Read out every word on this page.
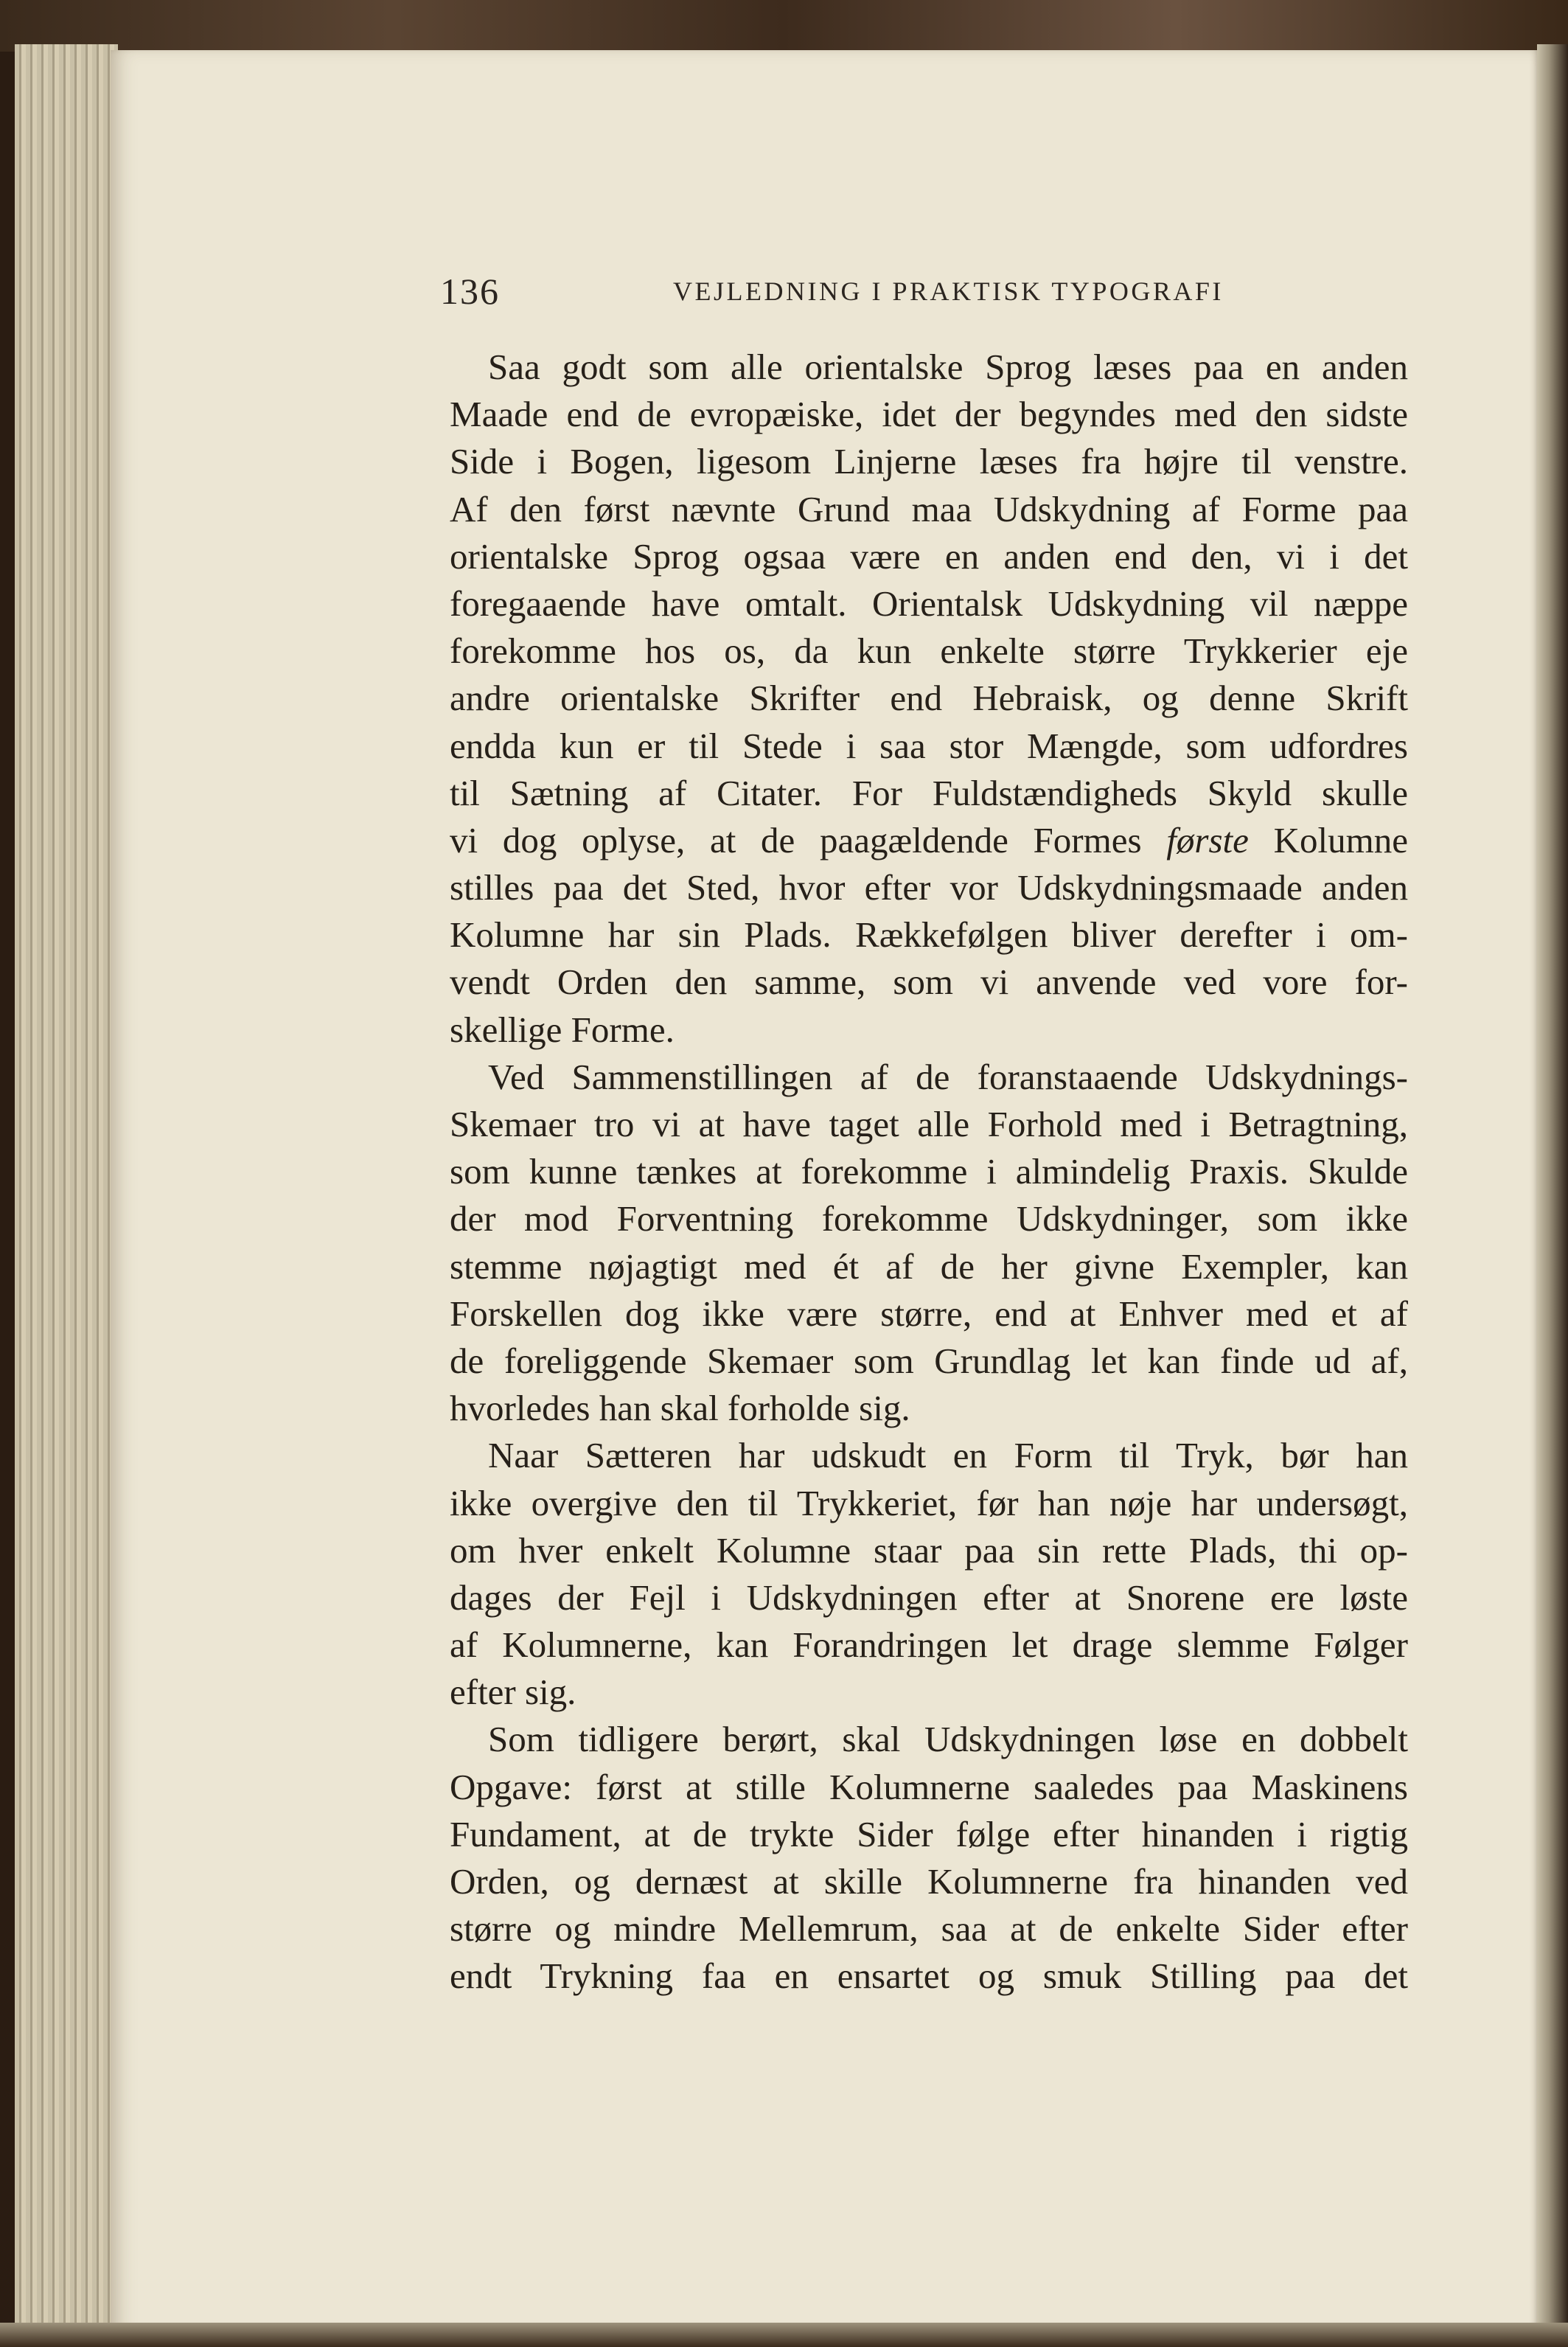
136	VEJLEDNING I PRAKTISK TYPOGRAFI
Saa godt som alle orientalske Sprog læses paa en anden
Maade end de evropæiske, idet der begyndes med den sidste
Side i Bogen, ligesom Linjerne læses fra højre til venstre.
Af den først nævnte Grund maa Udskydning af Forme paa
orientalske Sprog ogsaa være en anden end den, vi i det
foregaaende have omtalt. Orientalsk Udskydning vil næppe
forekomme hos os, da kun enkelte større Trykkerier eje
andre orientalske Skrifter end Hebraisk, og denne Skrift
endda kun er til Stede i saa stor Mængde, som udfordres
til Sætning af Citater. For Fuldstændigheds Skyld skulle
vi dog oplyse, at de paagældende Formes første Kolumne
stilles paa det Sted, hvor efter vor Udskydningsmaade anden
Kolumne har sin Plads. Rækkefølgen bliver derefter i om-
vendt Orden den samme, som vi anvende ved vore for-
skellige Forme.
Ved Sammenstillingen af de foranstaaende Udskydnings-
Skemaer tro vi at have taget alle Forhold med i Betragtning,
som kunne tænkes at forekomme i almindelig Praxis. Skulde
der mod Forventning forekomme Udskydninger, som ikke
stemme nøjagtigt med ét af de her givne Exempler, kan
Forskellen dog ikke være større, end at Enhver med et af
de foreliggende Skemaer som Grundlag let kan finde ud af,
hvorledes han skal forholde sig.
Naar Sætteren har udskudt en Form til Tryk, bør han
ikke overgive den til Trykkeriet, før han nøje har undersøgt,
om hver enkelt Kolumne staar paa sin rette Plads, thi op-
dages der Fejl i Udskydningen efter at Snorene ere løste
af Kolumnerne, kan Forandringen let drage slemme Følger
efter sig.
Som tidligere berørt, skal Udskydningen løse en dobbelt
Opgave: først at stille Kolumnerne saaledes paa Maskinens
Fundament, at de trykte Sider følge efter hinanden i rigtig
Orden, og dernæst at skille Kolumnerne fra hinanden ved
større og mindre Mellemrum, saa at de enkelte Sider efter
endt Trykning faa en ensartet og smuk Stilling paa det
